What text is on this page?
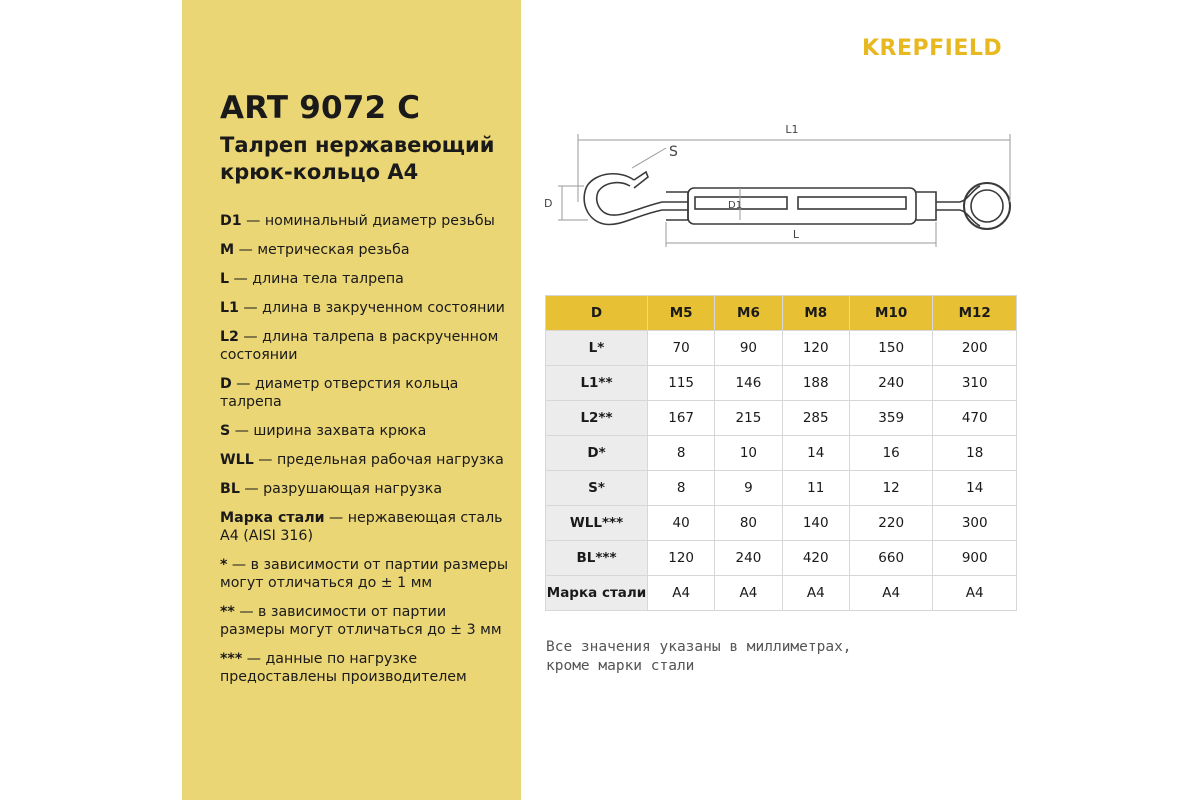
ART 9072 C
Талреп нержавеющий
крюк-кольцо А4

D1 — номинальный диаметр резьбы

M — метрическая резьба

L — длина тела талрепа

L1 — длина в закрученном состоянии

L2 — длина талрепа в раскрученном состоянии

D — диаметр отверстия кольца талрепа

S — ширина захвата крюка

WLL — предельная рабочая нагрузка

BL — разрушающая нагрузка

Марка стали — нержавеющая сталь А4 (AISI 316)

* — в зависимости от партии размеры могут отличаться до ± 1 мм

** — в зависимости от партии размеры могут отличаться до ± 3 мм

*** — данные по нагрузке предоставлены производителем

KREPFIELD
L1
S
D	D1
L
D	M5	M6	M8	M10	M12
L*	70	90	120	150	200
L1**	115	146	188	240	310
L2**	167	215	285	359	470
D*	8	10	14	16	18
S*	8	9	11	12	14
WLL***	40	80	140	220	300
BL***	120	240	420	660	900
Марка стали	А4	А4	А4	А4	А4

Все значения указаны в миллиметрах,
кроме марки стали
